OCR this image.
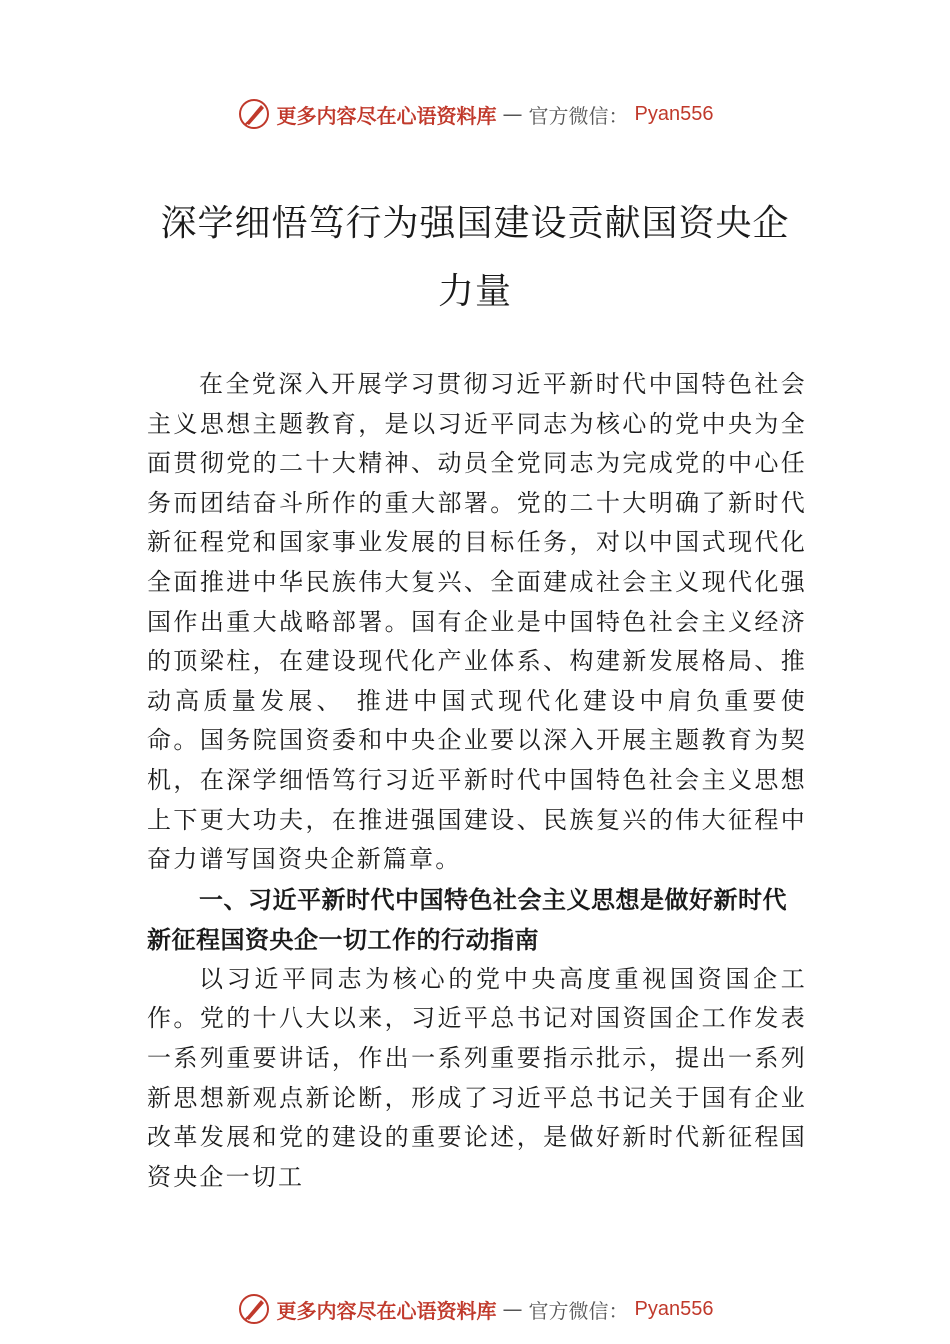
更多内容尽在心语资料库 — 官方微信： Pyan556
深学细悟笃行为强国建设贡献国资央企力量

在全党深入开展学习贯彻习近平新时代中国特色社会主义思想主题教育，是以习近平同志为核心的党中央为全面贯彻党的二十大精神、动员全党同志为完成党的中心任务而团结奋斗所作的重大部署。党的二十大明确了新时代新征程党和国家事业发展的目标任务，对以中国式现代化全面推进中华民族伟大复兴、全面建成社会主义现代化强国作出重大战略部署。国有企业是中国特色社会主义经济的顶梁柱，在建设现代化产业体系、构建新发展格局、推动高质量发展、 推进中国式现代化建设中肩负重要使命。国务院国资委和中央企业要以深入开展主题教育为契机，在深学细悟笃行习近平新时代中国特色社会主义思想上下更大功夫，在推进强国建设、民族复兴的伟大征程中奋力谱写国资央企新篇章。

一、习近平新时代中国特色社会主义思想是做好新时代新征程国资央企一切工作的行动指南

以习近平同志为核心的党中央高度重视国资国企工作。党的十八大以来，习近平总书记对国资国企工作发表一系列重要讲话，作出一系列重要指示批示，提出一系列新思想新观点新论断，形成了习近平总书记关于国有企业改革发展和党的建设的重要论述，是做好新时代新征程国资央企一切工

更多内容尽在心语资料库 — 官方微信： Pyan556
